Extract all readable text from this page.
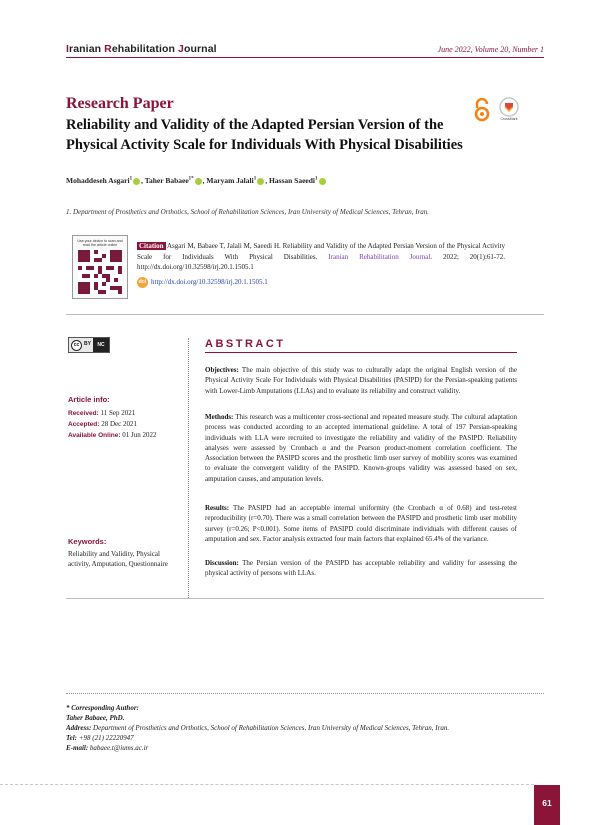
Iranian Rehabilitation Journal	June 2022, Volume 20, Number 1
Research Paper
Reliability and Validity of the Adapted Persian Version of the Physical Activity Scale for Individuals With Physical Disabilities
CrossMark
Mohaddeseh Asgari$^1$ , Taher Babaee$^{1*}$ , Maryam Jalali$^1$ , Hassan Saeedi$^1$
1. Department of Prosthetics and Orthotics, School of Rehabilitation Sciences, Iran University of Medical Sciences, Tehran, Iran.
Use your device to scan and read the article online	Citation Asgari M, Babaee T, Jalali M, Saeedi H. Reliability and Validity of the Adapted Persian Version of the Physical Activity Scale for Individuals With Physical Disabilities. Iranian Rehabilitation Journal. 2022; 20(1):61-72. http://dx.doi.org/10.32598/irj.20.1.1505.1
doi http://dx.doi.org/10.32598/irj.20.1.1505.1
cc BY	NC
Article info:
Received: 11 Sep 2021
Accepted: 28 Dec 2021
Available Online: 01 Jun 2022
Keywords:
Reliability and Validity, Physical activity, Amputation, Questionnaire
ABSTRACT
Objectives: The main objective of this study was to culturally adapt the original English version of the Physical Activity Scale For Individuals with Physical Disabilities (PASIPD) for the Persian-speaking patients with Lower-Limb Amputations (LLAs) and to evaluate its reliability and construct validity.
Methods: This research was a multicenter cross-sectional and repeated measure study. The cultural adaptation process was conducted according to an accepted international guideline. A total of 197 Persian-speaking individuals with LLA were recruited to investigate the reliability and validity of the PASIPD. Reliability analyses were assessed by Cronbach α and the Pearson product-moment correlation coefficient. The Association between the PASIPD scores and the prosthetic limb user survey of mobility scores was examined to evaluate the convergent validity of the PASIPD. Known-groups validity was assessed based on sex, amputation causes, and amputation levels.
Results: The PASIPD had an acceptable internal uniformity (the Cronbach α of 0.68) and test-retest reproducibility (r=0.70). There was a small correlation between the PASIPD and prosthetic limb user mobility survey (r=0.26; P<0.001). Some items of PASIPD could discriminate individuals with different causes of amputation and sex. Factor analysis extracted four main factors that explained 65.4% of the variance.
Discussion: The Persian version of the PASIPD has acceptable reliability and validity for assessing the physical activity of persons with LLAs.
* Corresponding Author:
Taher Babaee, PhD.
Address: Department of Prosthetics and Orthotics, School of Rehabilitation Sciences, Iran University of Medical Sciences, Tehran, Iran.
Tel: +98 (21) 22220947
E-mail: babaee.t@iums.ac.ir
61
